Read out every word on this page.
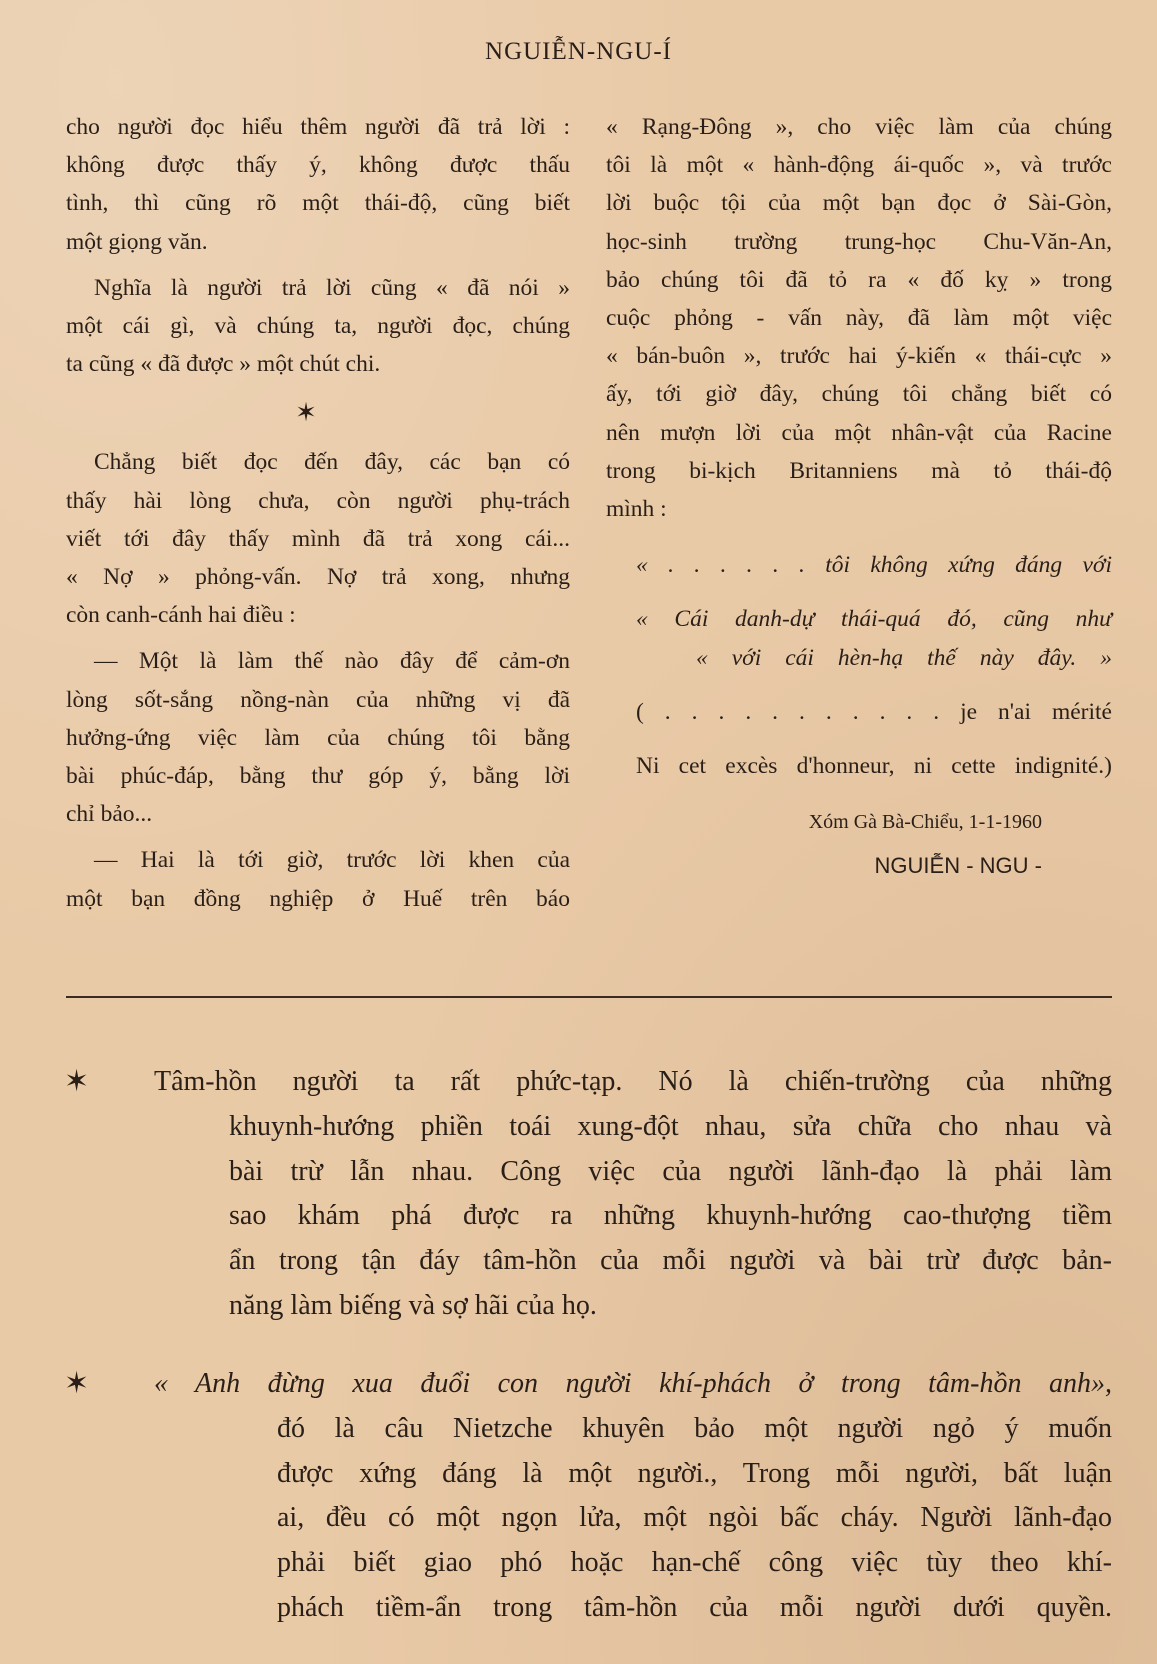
NGUIỄN-NGU-Í
cho người đọc hiểu thêm người đã trả lời :
không được thấy ý, không được thấu
tình, thì cũng rõ một thái-độ, cũng biết
một giọng văn.
Nghĩa là người trả lời cũng « đã nói »
một cái gì, và chúng ta, người đọc, chúng
ta cũng « đã được » một chút chi.
✶
Chẳng biết đọc đến đây, các bạn có
thấy hài lòng chưa, còn người phụ-trách
viết tới đây thấy mình đã trả xong cái...
« Nợ » phỏng-vấn. Nợ trả xong, nhưng
còn canh-cánh hai điều :
— Một là làm thế nào đây để cảm-ơn
lòng sốt-sắng nồng-nàn của những vị đã
hưởng-ứng việc làm của chúng tôi bằng
bài phúc-đáp, bằng thư góp ý, bằng lời
chỉ bảo...
— Hai là tới giờ, trước lời khen của
một bạn đồng nghiệp ở Huế trên báo
« Rạng-Đông », cho việc làm của chúng
tôi là một « hành-động ái-quốc », và trước
lời buộc tội của một bạn đọc ở Sài-Gòn,
học-sinh trường trung-học Chu-Văn-An,
bảo chúng tôi đã tỏ ra « đố kỵ » trong
cuộc phỏng - vấn này, đã làm một việc
« bán-buôn », trước hai ý-kiến « thái-cực »
ấy, tới giờ đây, chúng tôi chẳng biết có
nên mượn lời của một nhân-vật của Racine
trong bi-kịch Britanniens mà tỏ thái-độ
mình :
« . . . . . . tôi không xứng đáng với
« Cái danh-dự thái-quá đó, cũng như
« với cái hèn-hạ thế này đây. »
( . . . . . . . . . . . je n'ai mérité
Ni cet excès d'honneur, ni cette indignité.)
Xóm Gà Bà-Chiểu, 1-1-1960
NGUIỄN - NGU -
✶	Tâm-hồn người ta rất phức-tạp. Nó là chiến-trường của những
khuynh-hướng phiền toái xung-đột nhau, sửa chữa cho nhau và
bài trừ lẫn nhau. Công việc của người lãnh-đạo là phải làm
sao khám phá được ra những khuynh-hướng cao-thượng tiềm
ẩn trong tận đáy tâm-hồn của mỗi người và bài trừ được bản-
năng làm biếng và sợ hãi của họ.
✶	« Anh đừng xua đuổi con người khí-phách ở trong tâm-hồn anh»,
đó là câu Nietzche khuyên bảo một người ngỏ ý muốn
được xứng đáng là một người., Trong mỗi người, bất luận
ai, đều có một ngọn lửa, một ngòi bấc cháy. Người lãnh-đạo
phải biết giao phó hoặc hạn-chế công việc tùy theo khí-
phách tiềm-ẩn trong tâm-hồn của mỗi người dưới quyền.
